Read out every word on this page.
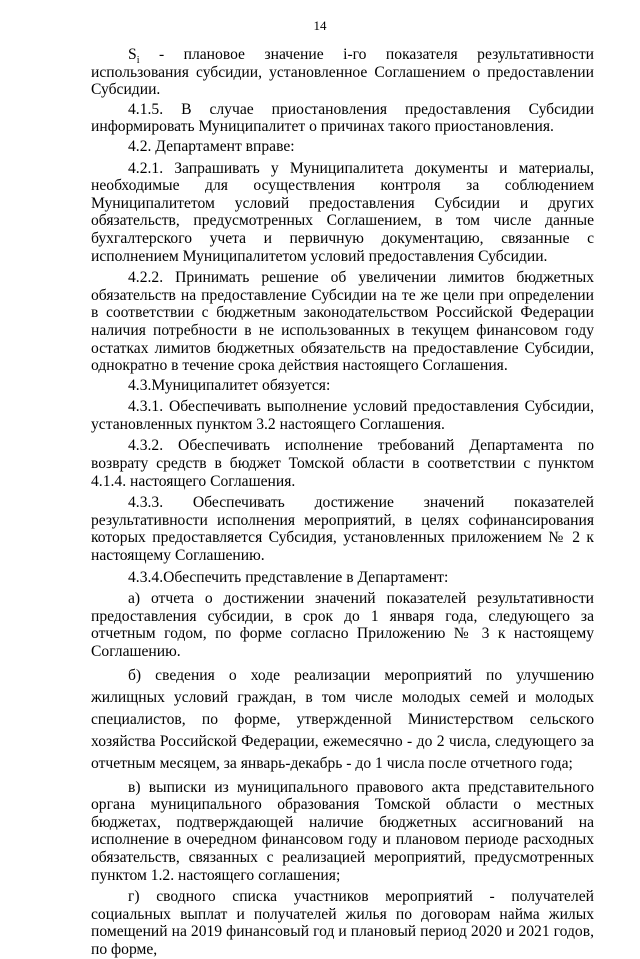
14

$S_i$ - плановое значение i-го показателя результативности использования субсидии, установленное Соглашением о предоставлении Субсидии.

4.1.5. В случае приостановления предоставления Субсидии информировать Муниципалитет о причинах такого приостановления.

4.2. Департамент вправе:

4.2.1. Запрашивать у Муниципалитета документы и материалы, необходимые для осуществления контроля за соблюдением Муниципалитетом условий предоставления Субсидии и других обязательств, предусмотренных Соглашением, в том числе данные бухгалтерского учета и первичную документацию, связанные с исполнением Муниципалитетом условий предоставления Субсидии.

4.2.2. Принимать решение об увеличении лимитов бюджетных обязательств на предоставление Субсидии на те же цели при определении в соответствии с бюджетным законодательством Российской Федерации наличия потребности в не использованных в текущем финансовом году остатках лимитов бюджетных обязательств на предоставление Субсидии, однократно в течение срока действия настоящего Соглашения.

4.3.Муниципалитет обязуется:

4.3.1. Обеспечивать выполнение условий предоставления Субсидии, установленных пунктом 3.2 настоящего Соглашения.

4.3.2. Обеспечивать исполнение требований Департамента по возврату средств в бюджет Томской области в соответствии с пунктом 4.1.4. настоящего Соглашения.

4.3.3. Обеспечивать достижение значений показателей результативности исполнения мероприятий, в целях софинансирования которых предоставляется Субсидия, установленных приложением № 2 к настоящему Соглашению.

4.3.4.Обеспечить представление в Департамент:

а) отчета о достижении значений показателей результативности предоставления субсидии, в срок до 1 января года, следующего за отчетным годом, по форме согласно Приложению № 3 к настоящему Соглашению.

б) сведения о ходе реализации мероприятий по улучшению жилищных условий граждан, в том числе молодых семей и молодых специалистов, по форме, утвержденной Министерством сельского хозяйства Российской Федерации, ежемесячно - до 2 числа, следующего за отчетным месяцем, за январь-декабрь - до 1 числа после отчетного года;

в) выписки из муниципального правового акта представительного органа муниципального образования Томской области о местных бюджетах, подтверждающей наличие бюджетных ассигнований на исполнение в очередном финансовом году и плановом периоде расходных обязательств, связанных с реализацией мероприятий, предусмотренных пунктом 1.2. настоящего соглашения;

г) сводного списка участников мероприятий - получателей социальных выплат и получателей жилья по договорам найма жилых помещений на 2019 финансовый год и плановый период 2020 и 2021 годов, по форме,
